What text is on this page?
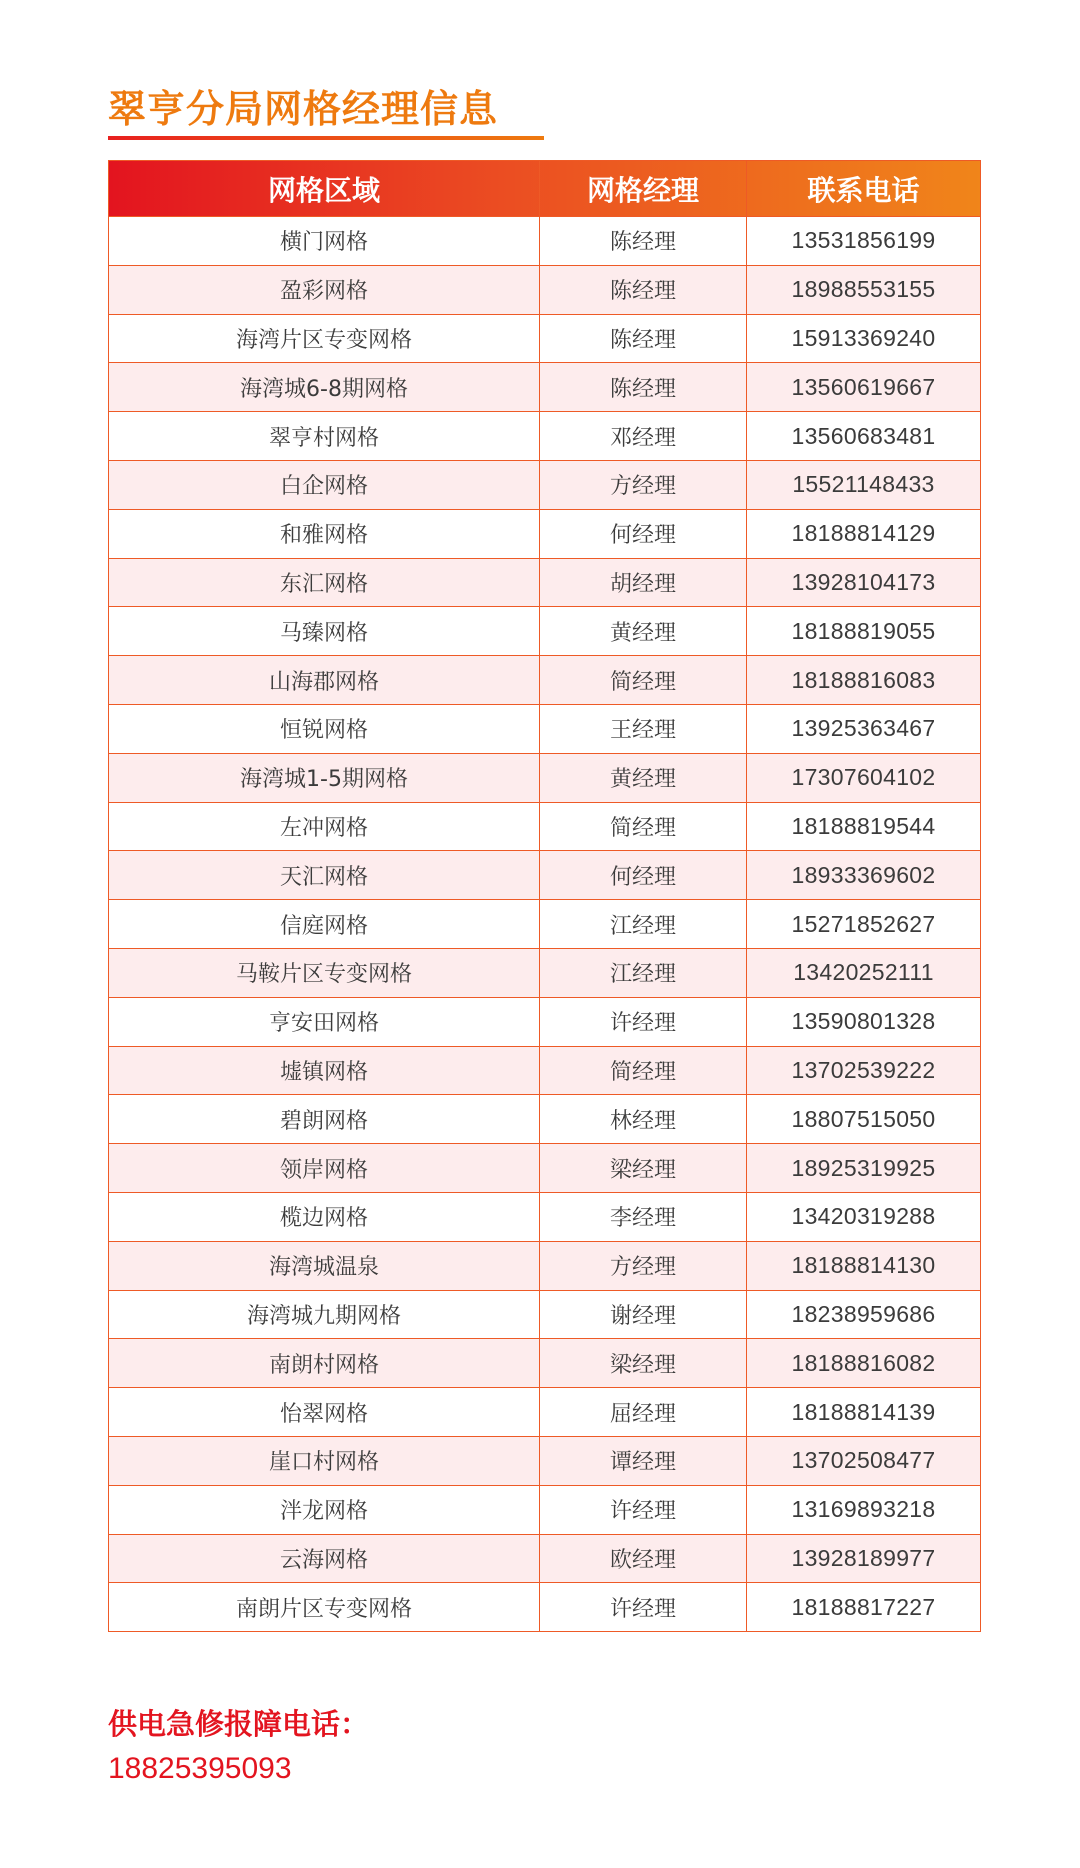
翠亨分局网格经理信息
网格区域	网格经理	联系电话
横门网格	陈经理	13531856199
盈彩网格	陈经理	18988553155
海湾片区专变网格	陈经理	15913369240
海湾城6-8期网格	陈经理	13560619667
翠亨村网格	邓经理	13560683481
白企网格	方经理	15521148433
和雅网格	何经理	18188814129
东汇网格	胡经理	13928104173
马臻网格	黄经理	18188819055
山海郡网格	简经理	18188816083
恒锐网格	王经理	13925363467
海湾城1-5期网格	黄经理	17307604102
左冲网格	简经理	18188819544
天汇网格	何经理	18933369602
信庭网格	江经理	15271852627
马鞍片区专变网格	江经理	13420252111
亨安田网格	许经理	13590801328
墟镇网格	简经理	13702539222
碧朗网格	林经理	18807515050
领岸网格	梁经理	18925319925
榄边网格	李经理	13420319288
海湾城温泉	方经理	18188814130
海湾城九期网格	谢经理	18238959686
南朗村网格	梁经理	18188816082
怡翠网格	屈经理	18188814139
崖口村网格	谭经理	13702508477
泮龙网格	许经理	13169893218
云海网格	欧经理	13928189977
南朗片区专变网格	许经理	18188817227
供电急修报障电话：
18825395093
